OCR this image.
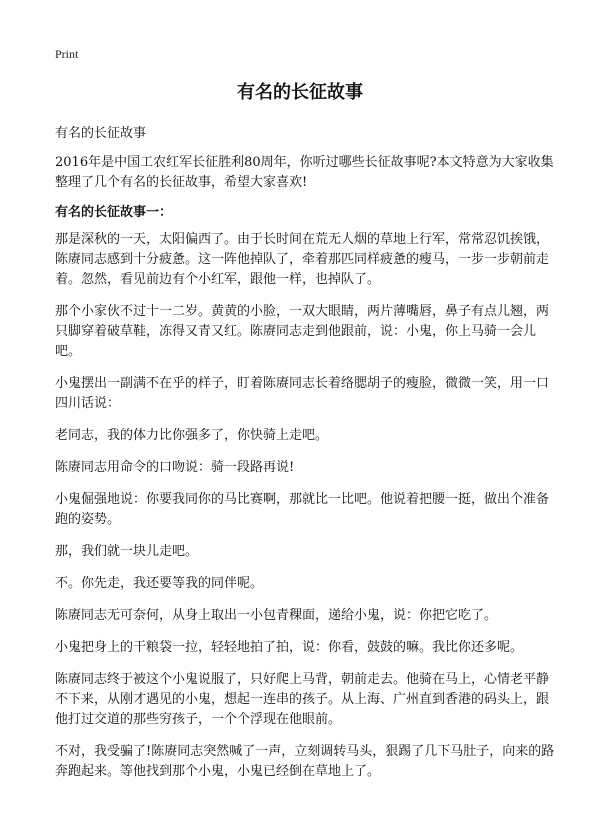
Print
有名的长征故事
有名的长征故事
2016年是中国工农红军长征胜利80周年，你听过哪些长征故事呢?本文特意为大家收集整理了几个有名的长征故事，希望大家喜欢!
有名的长征故事一：

那是深秋的一天，太阳偏西了。由于长时间在荒无人烟的草地上行军，常常忍饥挨饿，陈赓同志感到十分疲惫。这一阵他掉队了，牵着那匹同样疲惫的瘦马，一步一步朝前走着。忽然，看见前边有个小红军，跟他一样，也掉队了。

那个小家伙不过十一二岁。黄黄的小脸，一双大眼睛，两片薄嘴唇，鼻子有点儿翘，两只脚穿着破草鞋，冻得又青又红。陈赓同志走到他跟前，说：小鬼，你上马骑一会儿吧。

小鬼摆出一副满不在乎的样子，盯着陈赓同志长着络腮胡子的瘦脸，微微一笑，用一口四川话说：

老同志，我的体力比你强多了，你快骑上走吧。

陈赓同志用命令的口吻说：骑一段路再说!

小鬼倔强地说：你要我同你的马比赛啊，那就比一比吧。他说着把腰一挺，做出个准备跑的姿势。

那，我们就一块儿走吧。

不。你先走，我还要等我的同伴呢。

陈赓同志无可奈何，从身上取出一小包青稞面，递给小鬼，说：你把它吃了。

小鬼把身上的干粮袋一拉，轻轻地拍了拍，说：你看，鼓鼓的嘛。我比你还多呢。

陈赓同志终于被这个小鬼说服了，只好爬上马背，朝前走去。他骑在马上，心情老平静不下来，从刚才遇见的小鬼，想起一连串的孩子。从上海、广州直到香港的码头上，跟他打过交道的那些穷孩子，一个个浮现在他眼前。

不对，我受骗了!陈赓同志突然喊了一声，立刻调转马头，狠踢了几下马肚子，向来的路奔跑起来。等他找到那个小鬼，小鬼已经倒在草地上了。
